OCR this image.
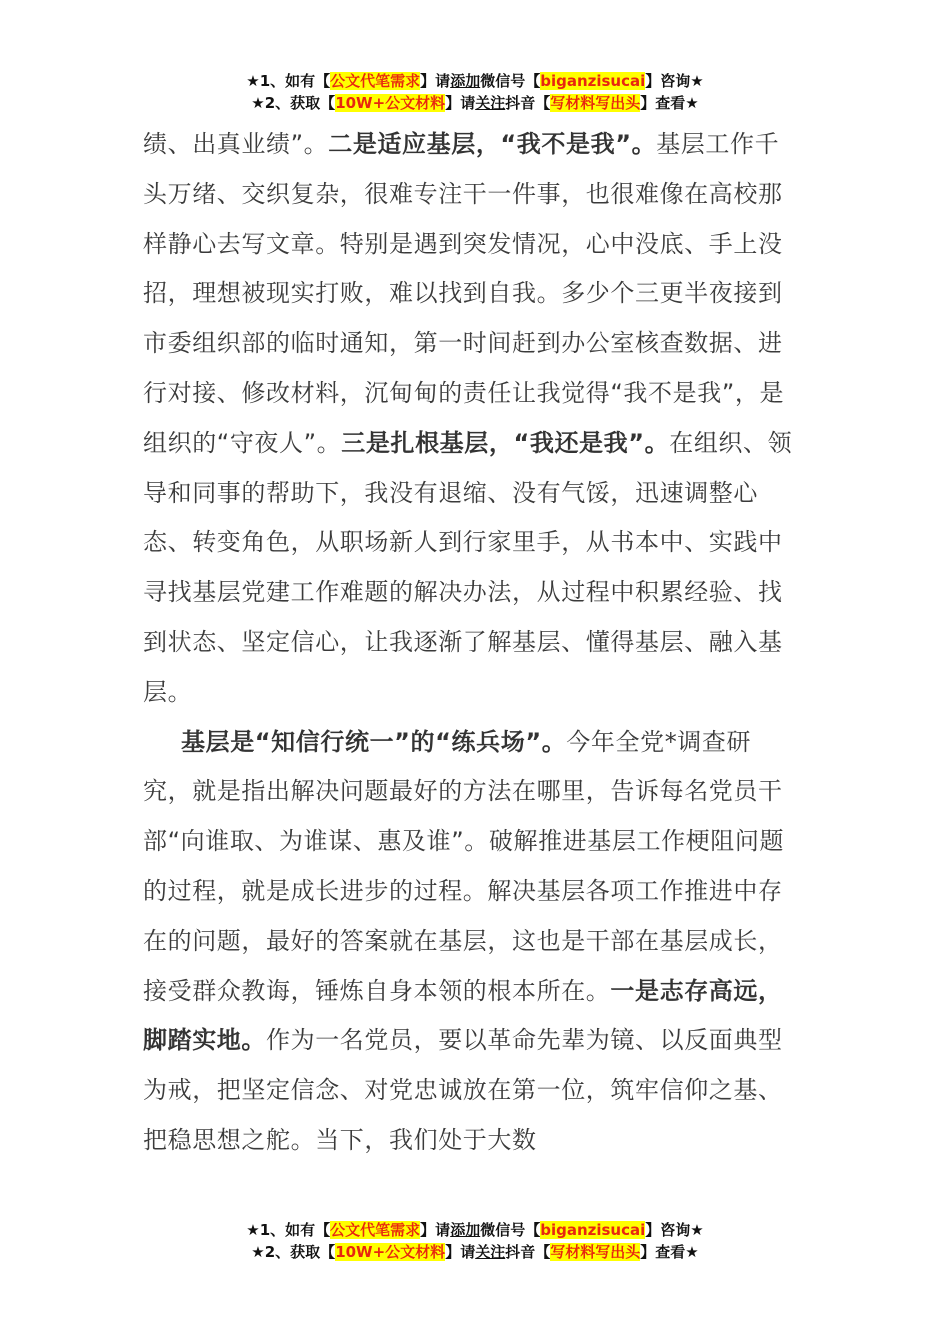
★1、如有【公文代笔需求】请添加微信号【biganzisucai】咨询★
★2、获取【10W+公文材料】请关注抖音【写材料写出头】查看★

绩、出真业绩”。二是适应基层，“我不是我”。基层工作千头万绪、交织复杂，很难专注干一件事，也很难像在高校那样静心去写文章。特别是遇到突发情况，心中没底、手上没招，理想被现实打败，难以找到自我。多少个三更半夜接到市委组织部的临时通知，第一时间赶到办公室核查数据、进行对接、修改材料，沉甸甸的责任让我觉得“我不是我”，是组织的“守夜人”。三是扎根基层，“我还是我”。在组织、领导和同事的帮助下，我没有退缩、没有气馁，迅速调整心态、转变角色，从职场新人到行家里手，从书本中、实践中寻找基层党建工作难题的解决办法，从过程中积累经验、找到状态、坚定信心，让我逐渐了解基层、懂得基层、融入基层。

基层是“知信行统一”的“练兵场”。今年全党*调查研究，就是指出解决问题最好的方法在哪里，告诉每名党员干部“向谁取、为谁谋、惠及谁”。破解推进基层工作梗阻问题的过程，就是成长进步的过程。解决基层各项工作推进中存在的问题，最好的答案就在基层，这也是干部在基层成长，接受群众教诲，锤炼自身本领的根本所在。一是志存高远，脚踏实地。作为一名党员，要以革命先辈为镜、以反面典型为戒，把坚定信念、对党忠诚放在第一位，筑牢信仰之基、把稳思想之舵。当下，我们处于大数

★1、如有【公文代笔需求】请添加微信号【biganzisucai】咨询★
★2、获取【10W+公文材料】请关注抖音【写材料写出头】查看★
